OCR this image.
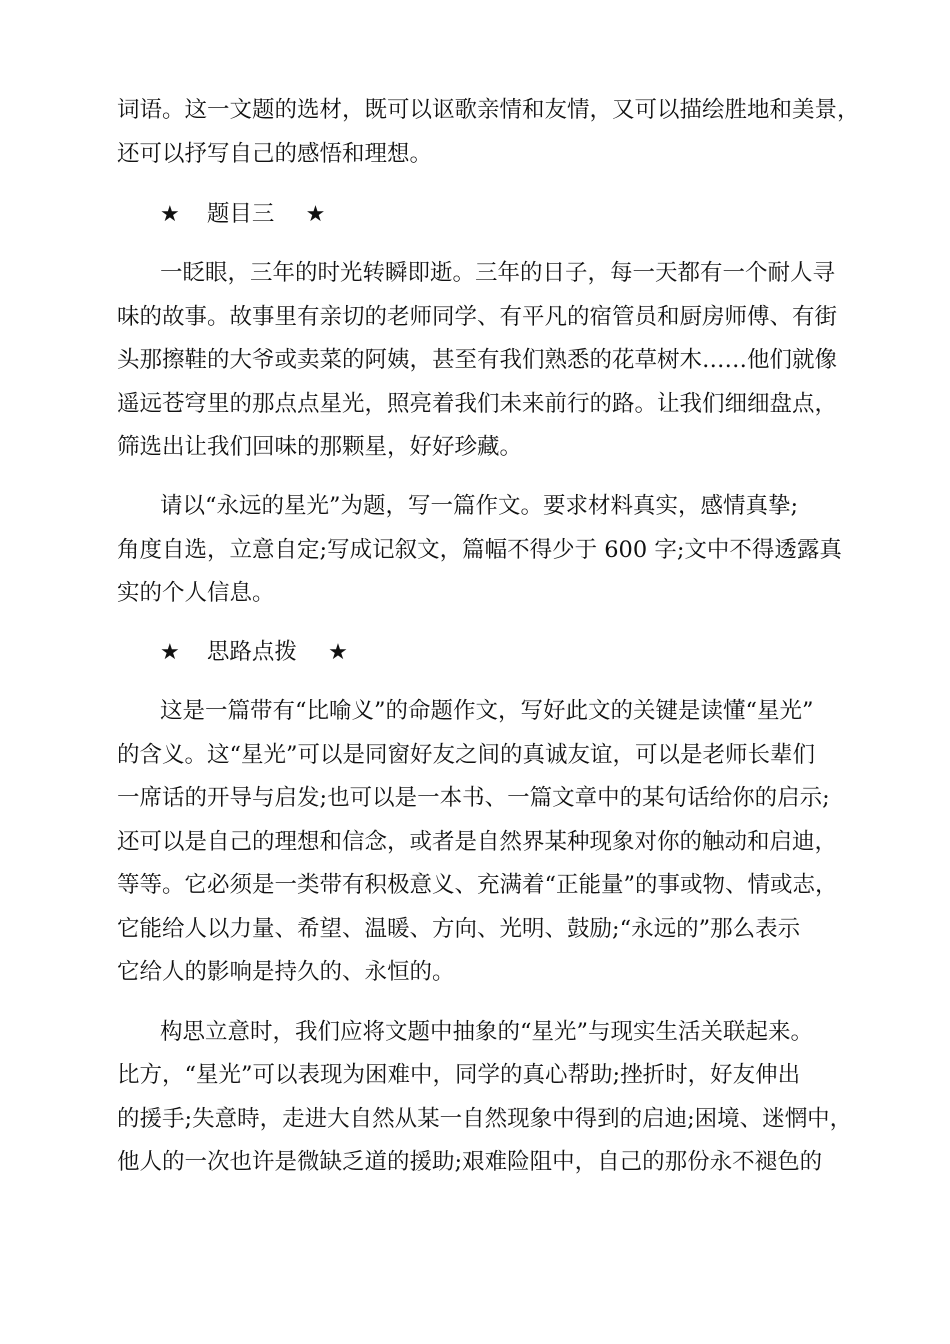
词语。这一文题的选材，既可以讴歌亲情和友情，又可以描绘胜地和美景，
还可以抒写自己的感悟和理想。
★ 题目三 ★
一眨眼，三年的时光转瞬即逝。三年的日子，每一天都有一个耐人寻
味的故事。故事里有亲切的老师同学、有平凡的宿管员和厨房师傅、有街
头那擦鞋的大爷或卖菜的阿姨，甚至有我们熟悉的花草树木……他们就像
遥远苍穹里的那点点星光，照亮着我们未来前行的路。让我们细细盘点，
筛选出让我们回味的那颗星，好好珍藏。
请以“永远的星光”为题，写一篇作文。要求材料真实，感情真挚;
角度自选，立意自定;写成记叙文，篇幅不得少于 600 字;文中不得透露真
实的个人信息。
★ 思路点拨 ★
这是一篇带有“比喻义”的命题作文，写好此文的关键是读懂“星光”
的含义。这“星光”可以是同窗好友之间的真诚友谊，可以是老师长辈们
一席话的开导与启发;也可以是一本书、一篇文章中的某句话给你的启示;
还可以是自己的理想和信念，或者是自然界某种现象对你的触动和启迪，
等等。它必须是一类带有积极意义、充满着“正能量”的事或物、情或志，
它能给人以力量、希望、温暖、方向、光明、鼓励;“永远的”那么表示
它给人的影响是持久的、永恒的。
构思立意时，我们应将文题中抽象的“星光”与现实生活关联起来。
比方，“星光”可以表现为困难中，同学的真心帮助;挫折时，好友伸出
的援手;失意時，走进大自然从某一自然现象中得到的启迪;困境、迷惘中，
他人的一次也许是微缺乏道的援助;艰难险阻中，自己的那份永不褪色的
